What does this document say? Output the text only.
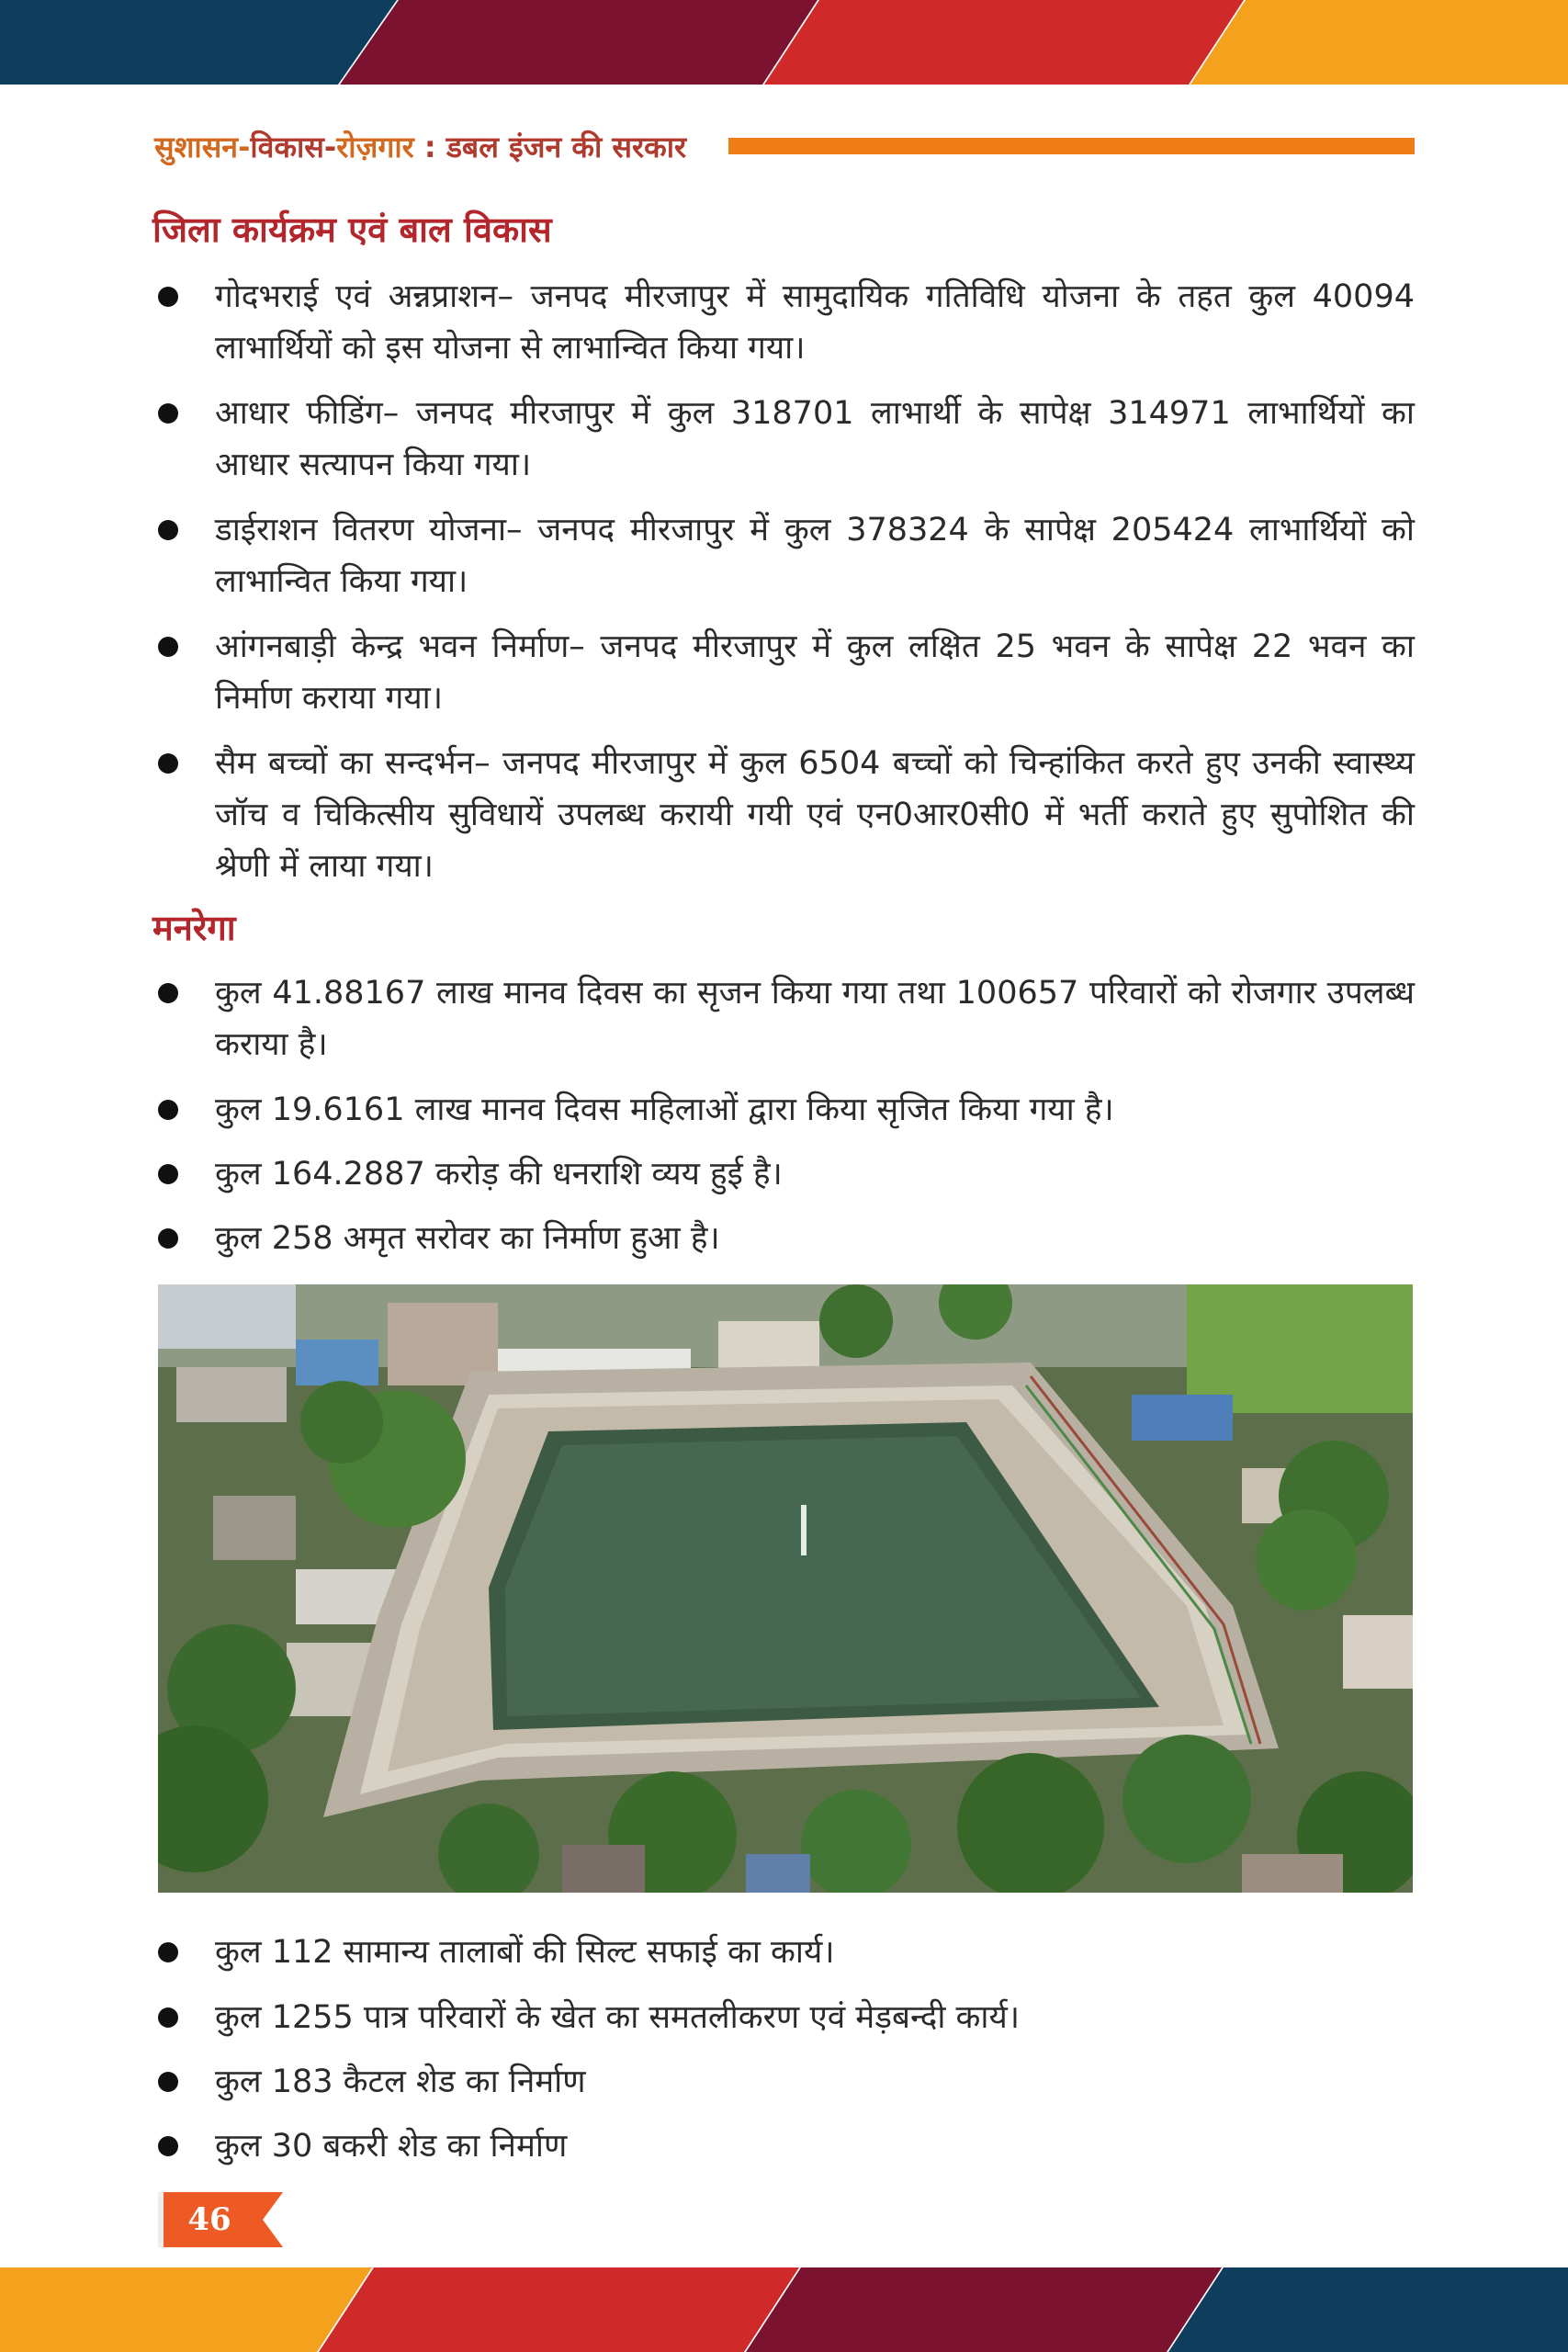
सुशासन-विकास-रोज़गार : डबल इंजन की सरकार
जिला कार्यक्रम एवं बाल विकास
गोदभराई एवं अन्नप्राशन– जनपद मीरजापुर में सामुदायिक गतिविधि योजना के तहत कुल 40094 लाभार्थियों को इस योजना से लाभान्वित किया गया।
आधार फीडिंग– जनपद मीरजापुर में कुल 318701 लाभार्थी के सापेक्ष 314971 लाभार्थियों का आधार सत्यापन किया गया।
डाईराशन वितरण योजना– जनपद मीरजापुर में कुल 378324 के सापेक्ष 205424 लाभार्थियों को लाभान्वित किया गया।
आंगनबाड़ी केन्द्र भवन निर्माण– जनपद मीरजापुर में कुल लक्षित 25 भवन के सापेक्ष 22 भवन का निर्माण कराया गया।
सैम बच्चों का सन्दर्भन– जनपद मीरजापुर में कुल 6504 बच्चों को चिन्हांकित करते हुए उनकी स्वास्थ्य जॉच व चिकित्सीय सुविधायें उपलब्ध करायी गयी एवं एन0आर0सी0 में भर्ती कराते हुए सुपोशित की श्रेणी में लाया गया।
मनरेगा
कुल 41.88167 लाख मानव दिवस का सृजन किया गया तथा 100657 परिवारों को रोजगार उपलब्ध कराया है।
कुल 19.6161 लाख मानव दिवस महिलाओं द्वारा किया सृजित किया गया है।
कुल 164.2887 करोड़ की धनराशि व्यय हुई है।
कुल 258 अमृत सरोवर का निर्माण हुआ है।
कुल 112 सामान्य तालाबों की सिल्ट सफाई का कार्य।
कुल 1255 पात्र परिवारों के खेत का समतलीकरण एवं मेड़बन्दी कार्य।
कुल 183 कैटल शेड का निर्माण
कुल 30 बकरी शेड का निर्माण
46
